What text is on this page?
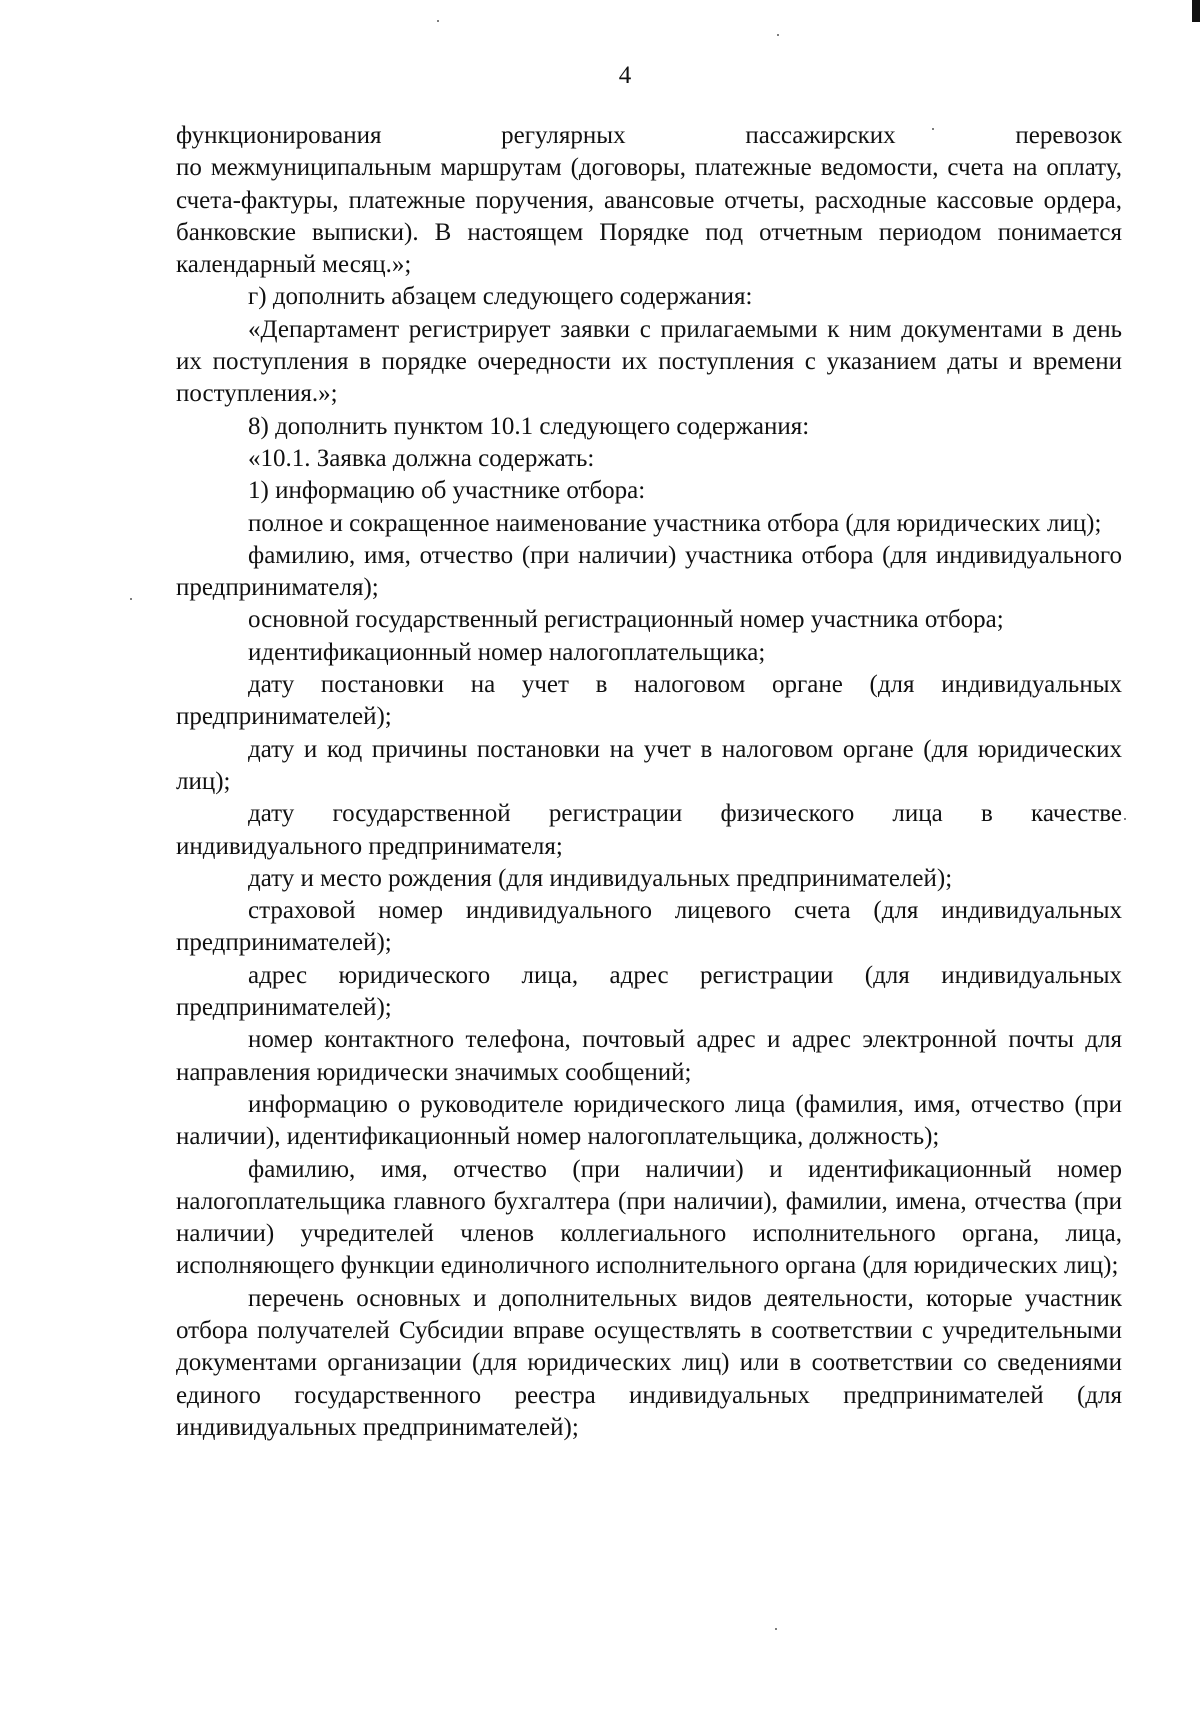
4

функционирования регулярных пассажирских перевозок

по межмуниципальным маршрутам (договоры, платежные ведомости, счета на оплату, счета-фактуры, платежные поручения, авансовые отчеты, расходные кассовые ордера, банковские выписки). В настоящем Порядке под отчетным периодом понимается календарный месяц.»;

г) дополнить абзацем следующего содержания:

«Департамент регистрирует заявки с прилагаемыми к ним документами в день их поступления в порядке очередности их поступления с указанием даты и времени поступления.»;

8) дополнить пунктом 10.1 следующего содержания:

«10.1. Заявка должна содержать:

1) информацию об участнике отбора:

полное и сокращенное наименование участника отбора (для юридических лиц);

фамилию, имя, отчество (при наличии) участника отбора (для индивидуального предпринимателя);

основной государственный регистрационный номер участника отбора;

идентификационный номер налогоплательщика;

дату постановки на учет в налоговом органе (для индивидуальных предпринимателей);

дату и код причины постановки на учет в налоговом органе (для юридических лиц);

дату государственной регистрации физического лица в качестве индивидуального предпринимателя;

дату и место рождения (для индивидуальных предпринимателей);

страховой номер индивидуального лицевого счета (для индивидуальных предпринимателей);

адрес юридического лица, адрес регистрации (для индивидуальных предпринимателей);

номер контактного телефона, почтовый адрес и адрес электронной почты для направления юридически значимых сообщений;

информацию о руководителе юридического лица (фамилия, имя, отчество (при наличии), идентификационный номер налогоплательщика, должность);

фамилию, имя, отчество (при наличии) и идентификационный номер налогоплательщика главного бухгалтера (при наличии), фамилии, имена, отчества (при наличии) учредителей членов коллегиального исполнительного органа, лица, исполняющего функции единоличного исполнительного органа (для юридических лиц);

перечень основных и дополнительных видов деятельности, которые участник отбора получателей Субсидии вправе осуществлять в соответствии с учредительными документами организации (для юридических лиц) или в соответствии со сведениями единого государственного реестра индивидуальных предпринимателей (для индивидуальных предпринимателей);
